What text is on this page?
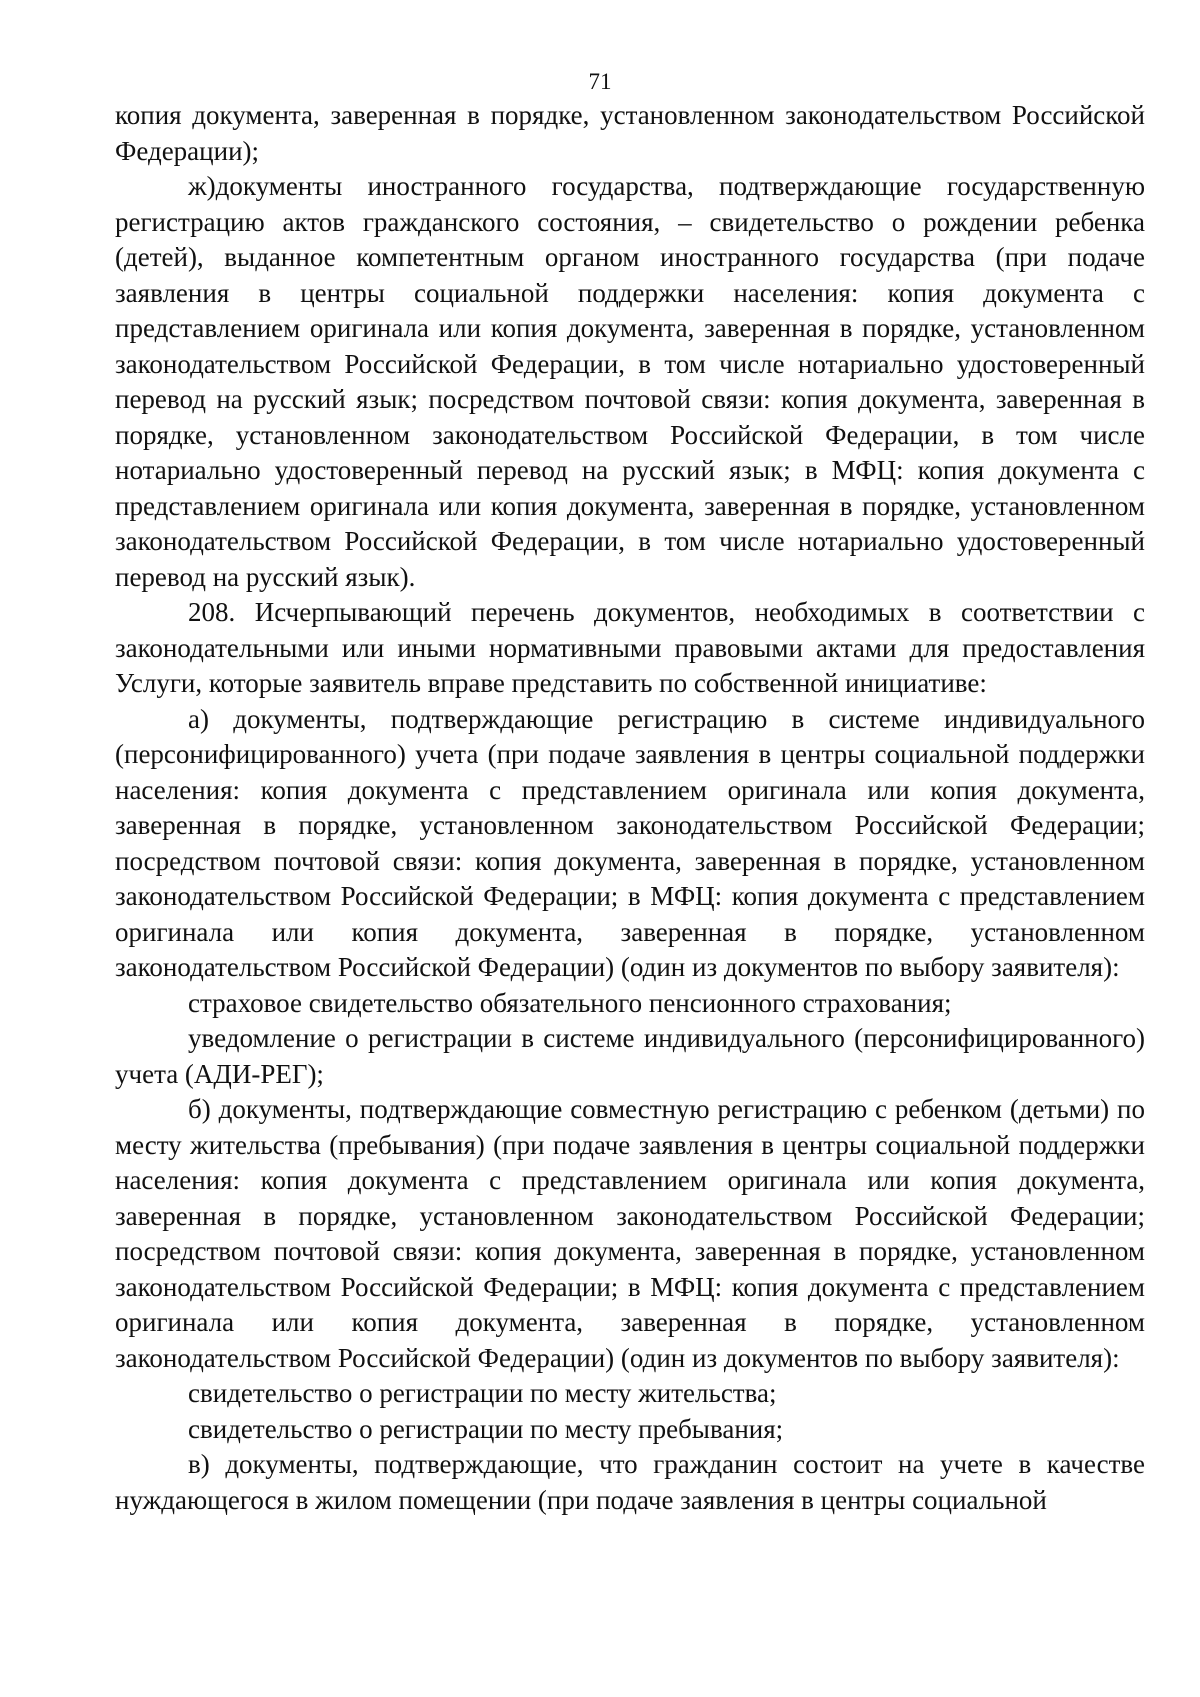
71

копия документа, заверенная в порядке, установленном законодательством Российской Федерации);

ж)документы иностранного государства, подтверждающие государственную регистрацию актов гражданского состояния, – свидетельство о рождении ребенка (детей), выданное компетентным органом иностранного государства (при подаче заявления в центры социальной поддержки населения: копия документа с представлением оригинала или копия документа, заверенная в порядке, установленном законодательством Российской Федерации, в том числе нотариально удостоверенный перевод на русский язык; посредством почтовой связи: копия документа, заверенная в порядке, установленном законодательством Российской Федерации, в том числе нотариально удостоверенный перевод на русский язык; в МФЦ: копия документа с представлением оригинала или копия документа, заверенная в порядке, установленном законодательством Российской Федерации, в том числе нотариально удостоверенный перевод на русский язык).

208. Исчерпывающий перечень документов, необходимых в соответствии с законодательными или иными нормативными правовыми актами для предоставления Услуги, которые заявитель вправе представить по собственной инициативе:

а) документы, подтверждающие регистрацию в системе индивидуального (персонифицированного) учета (при подаче заявления в центры социальной поддержки населения: копия документа с представлением оригинала или копия документа, заверенная в порядке, установленном законодательством Российской Федерации; посредством почтовой связи: копия документа, заверенная в порядке, установленном законодательством Российской Федерации; в МФЦ: копия документа с представлением оригинала или копия документа, заверенная в порядке, установленном законодательством Российской Федерации) (один из документов по выбору заявителя):

страховое свидетельство обязательного пенсионного страхования;

уведомление о регистрации в системе индивидуального (персонифицированного) учета (АДИ-РЕГ);

б) документы, подтверждающие совместную регистрацию с ребенком (детьми) по месту жительства (пребывания) (при подаче заявления в центры социальной поддержки населения: копия документа с представлением оригинала или копия документа, заверенная в порядке, установленном законодательством Российской Федерации; посредством почтовой связи: копия документа, заверенная в порядке, установленном законодательством Российской Федерации; в МФЦ: копия документа с представлением оригинала или копия документа, заверенная в порядке, установленном законодательством Российской Федерации) (один из документов по выбору заявителя):

свидетельство о регистрации по месту жительства;

свидетельство о регистрации по месту пребывания;

в) документы, подтверждающие, что гражданин состоит на учете в качестве нуждающегося в жилом помещении (при подаче заявления в центры социальной
